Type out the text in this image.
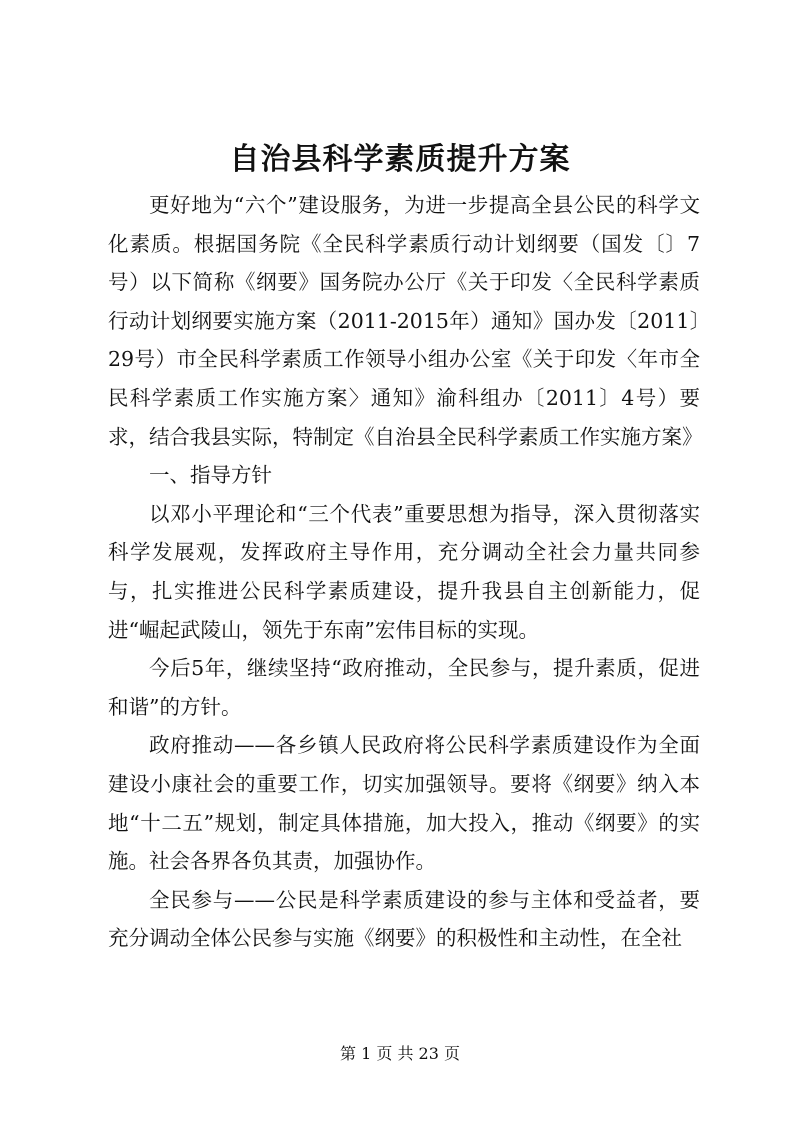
自治县科学素质提升方案

更好地为“六个”建设服务，为进一步提高全县公民的科学文化素质。根据国务院《全民科学素质行动计划纲要（国发〔〕7号）以下简称《纲要》国务院办公厅《关于印发〈全民科学素质行动计划纲要实施方案（2011-2015年）通知》国办发〔2011〕29号）市全民科学素质工作领导小组办公室《关于印发〈年市全民科学素质工作实施方案〉通知》渝科组办〔2011〕4号）要求，结合我县实际，特制定《自治县全民科学素质工作实施方案》

一、指导方针

以邓小平理论和“三个代表”重要思想为指导，深入贯彻落实科学发展观，发挥政府主导作用，充分调动全社会力量共同参与，扎实推进公民科学素质建设，提升我县自主创新能力，促进“崛起武陵山，领先于东南”宏伟目标的实现。

今后5年，继续坚持“政府推动，全民参与，提升素质，促进和谐”的方针。

政府推动——各乡镇人民政府将公民科学素质建设作为全面建设小康社会的重要工作，切实加强领导。要将《纲要》纳入本地“十二五”规划，制定具体措施，加大投入，推动《纲要》的实施。社会各界各负其责，加强协作。

全民参与——公民是科学素质建设的参与主体和受益者，要充分调动全体公民参与实施《纲要》的积极性和主动性，在全社

第 1 页 共 23 页
